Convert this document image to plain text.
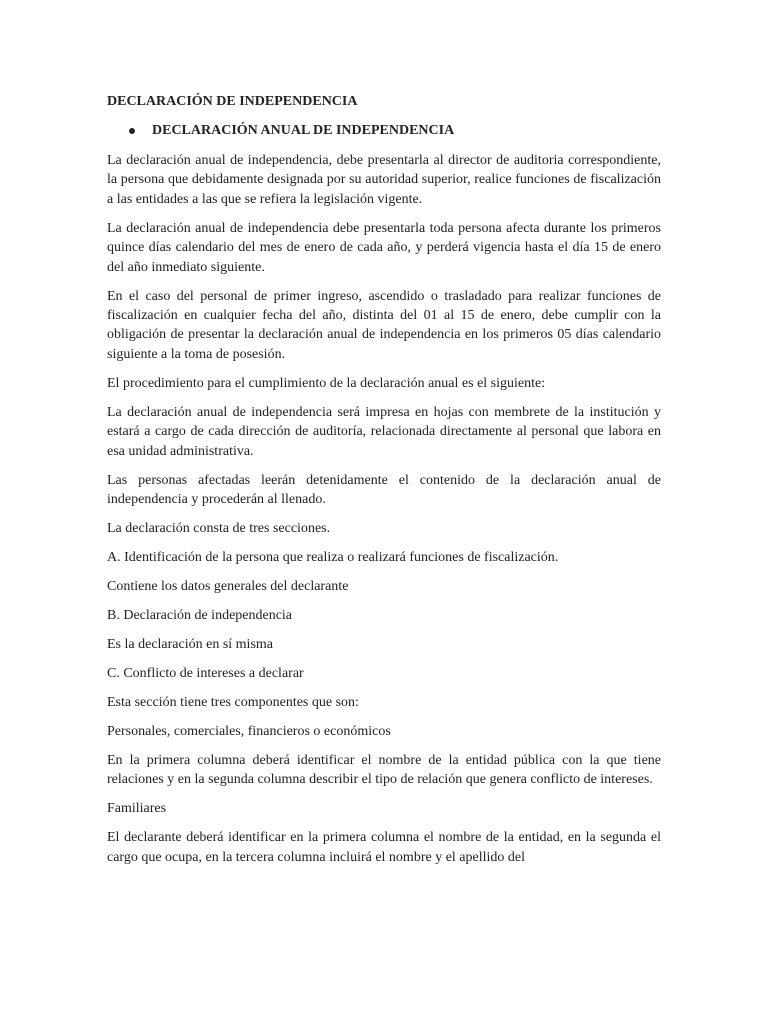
DECLARACIÓN DE INDEPENDENCIA
DECLARACIÓN ANUAL DE INDEPENDENCIA

La declaración anual de independencia, debe presentarla al director de auditoria correspondiente, la persona que debidamente designada por su autoridad superior, realice funciones de fiscalización a las entidades a las que se refiera la legislación vigente.

La declaración anual de independencia debe presentarla toda persona afecta durante los primeros quince días calendario del mes de enero de cada año, y perderá vigencia hasta el día 15 de enero del año inmediato siguiente.

En el caso del personal de primer ingreso, ascendido o trasladado para realizar funciones de fiscalización en cualquier fecha del año, distinta del 01 al 15 de enero, debe cumplir con la obligación de presentar la declaración anual de independencia en los primeros 05 días calendario siguiente a la toma de posesión.

El procedimiento para el cumplimiento de la declaración anual es el siguiente:

La declaración anual de independencia será impresa en hojas con membrete de la institución y estará a cargo de cada dirección de auditoría, relacionada directamente al personal que labora en esa unidad administrativa.

Las personas afectadas leerán detenidamente el contenido de la declaración anual de independencia y procederán al llenado.

La declaración consta de tres secciones.

A. Identificación de la persona que realiza o realizará funciones de fiscalización.

Contiene los datos generales del declarante

B. Declaración de independencia

Es la declaración en sí misma

C. Conflicto de intereses a declarar

Esta sección tiene tres componentes que son:

Personales, comerciales, financieros o económicos

En la primera columna deberá identificar el nombre de la entidad pública con la que tiene relaciones y en la segunda columna describir el tipo de relación que genera conflicto de intereses.

Familiares

El declarante deberá identificar en la primera columna el nombre de la entidad, en la segunda el cargo que ocupa, en la tercera columna incluirá el nombre y el apellido del
